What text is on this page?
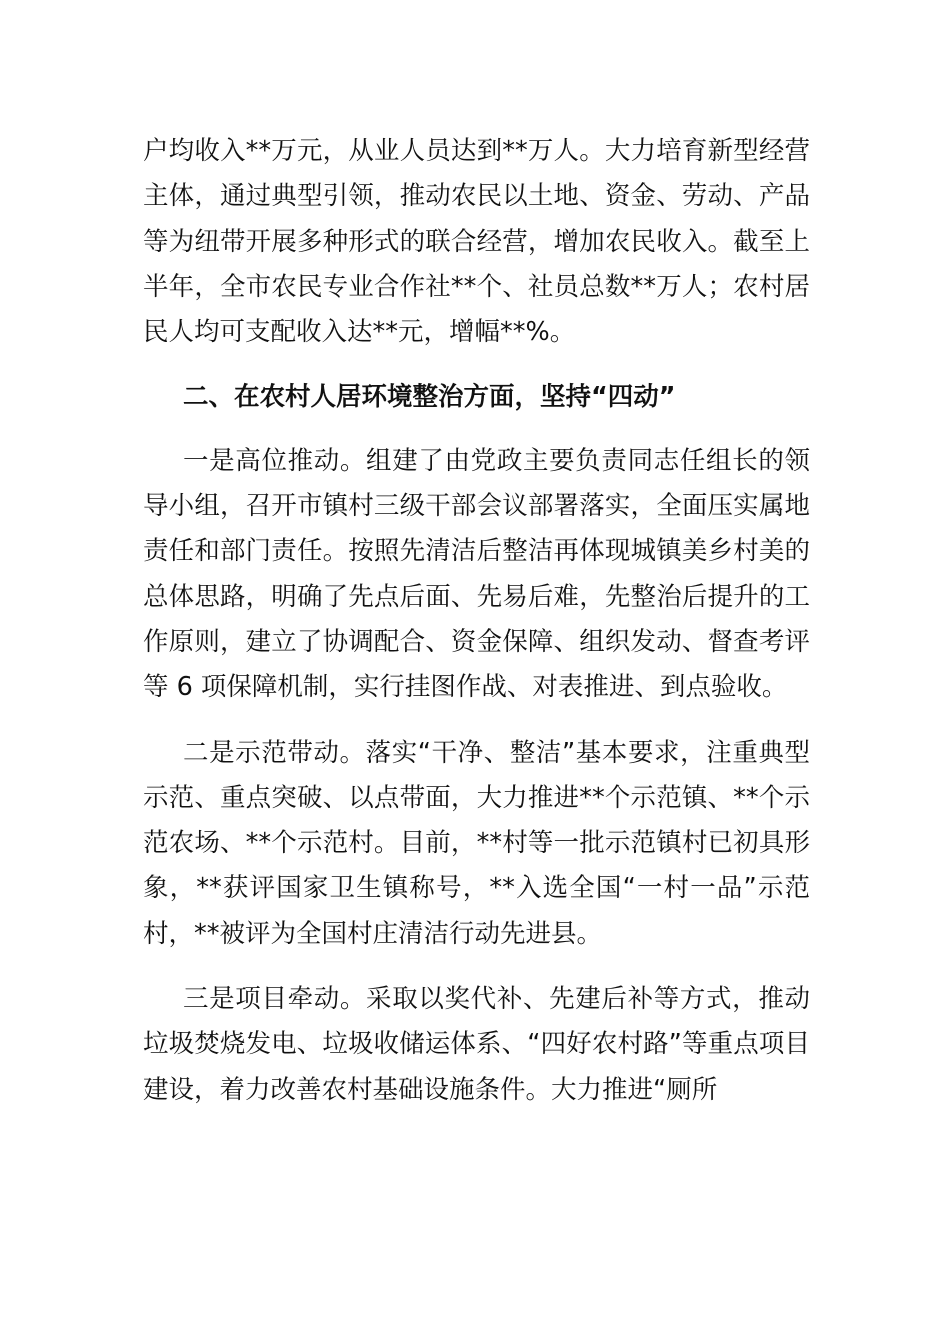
户均收入**万元，从业人员达到**万人。大力培育新型经营主体，通过典型引领，推动农民以土地、资金、劳动、产品等为纽带开展多种形式的联合经营，增加农民收入。截至上半年，全市农民专业合作社**个、社员总数**万人；农村居民人均可支配收入达**元，增幅**%。

二、在农村人居环境整治方面，坚持“四动”

一是高位推动。组建了由党政主要负责同志任组长的领导小组，召开市镇村三级干部会议部署落实，全面压实属地责任和部门责任。按照先清洁后整洁再体现城镇美乡村美的总体思路，明确了先点后面、先易后难，先整治后提升的工作原则，建立了协调配合、资金保障、组织发动、督查考评等 6 项保障机制，实行挂图作战、对表推进、到点验收。

二是示范带动。落实“干净、整洁”基本要求，注重典型示范、重点突破、以点带面，大力推进**个示范镇、**个示范农场、**个示范村。目前，**村等一批示范镇村已初具形象，**获评国家卫生镇称号，**入选全国“一村一品”示范村，**被评为全国村庄清洁行动先进县。

三是项目牵动。采取以奖代补、先建后补等方式，推动垃圾焚烧发电、垃圾收储运体系、“四好农村路”等重点项目建设，着力改善农村基础设施条件。大力推进“厕所
